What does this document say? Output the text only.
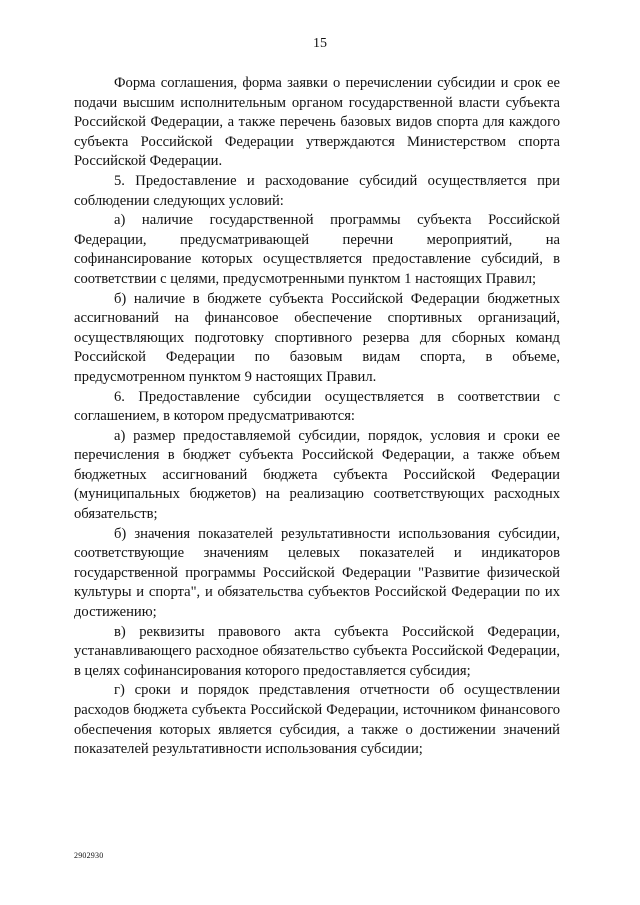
15

Форма соглашения, форма заявки о перечислении субсидии и срок ее подачи высшим исполнительным органом государственной власти субъекта Российской Федерации, а также перечень базовых видов спорта для каждого субъекта Российской Федерации утверждаются Министерством спорта Российской Федерации.

5. Предоставление и расходование субсидий осуществляется при соблюдении следующих условий:

а) наличие государственной программы субъекта Российской Федерации, предусматривающей перечни мероприятий, на софинансирование которых осуществляется предоставление субсидий, в соответствии с целями, предусмотренными пунктом 1 настоящих Правил;

б) наличие в бюджете субъекта Российской Федерации бюджетных ассигнований на финансовое обеспечение спортивных организаций, осуществляющих подготовку спортивного резерва для сборных команд Российской Федерации по базовым видам спорта, в объеме, предусмотренном пунктом 9 настоящих Правил.

6. Предоставление субсидии осуществляется в соответствии с соглашением, в котором предусматриваются:

а) размер предоставляемой субсидии, порядок, условия и сроки ее перечисления в бюджет субъекта Российской Федерации, а также объем бюджетных ассигнований бюджета субъекта Российской Федерации (муниципальных бюджетов) на реализацию соответствующих расходных обязательств;

б) значения показателей результативности использования субсидии, соответствующие значениям целевых показателей и индикаторов государственной программы Российской Федерации "Развитие физической культуры и спорта", и обязательства субъектов Российской Федерации по их достижению;

в) реквизиты правового акта субъекта Российской Федерации, устанавливающего расходное обязательство субъекта Российской Федерации, в целях софинансирования которого предоставляется субсидия;

г) сроки и порядок представления отчетности об осуществлении расходов бюджета субъекта Российской Федерации, источником финансового обеспечения которых является субсидия, а также о достижении значений показателей результативности использования субсидии;

2902930
